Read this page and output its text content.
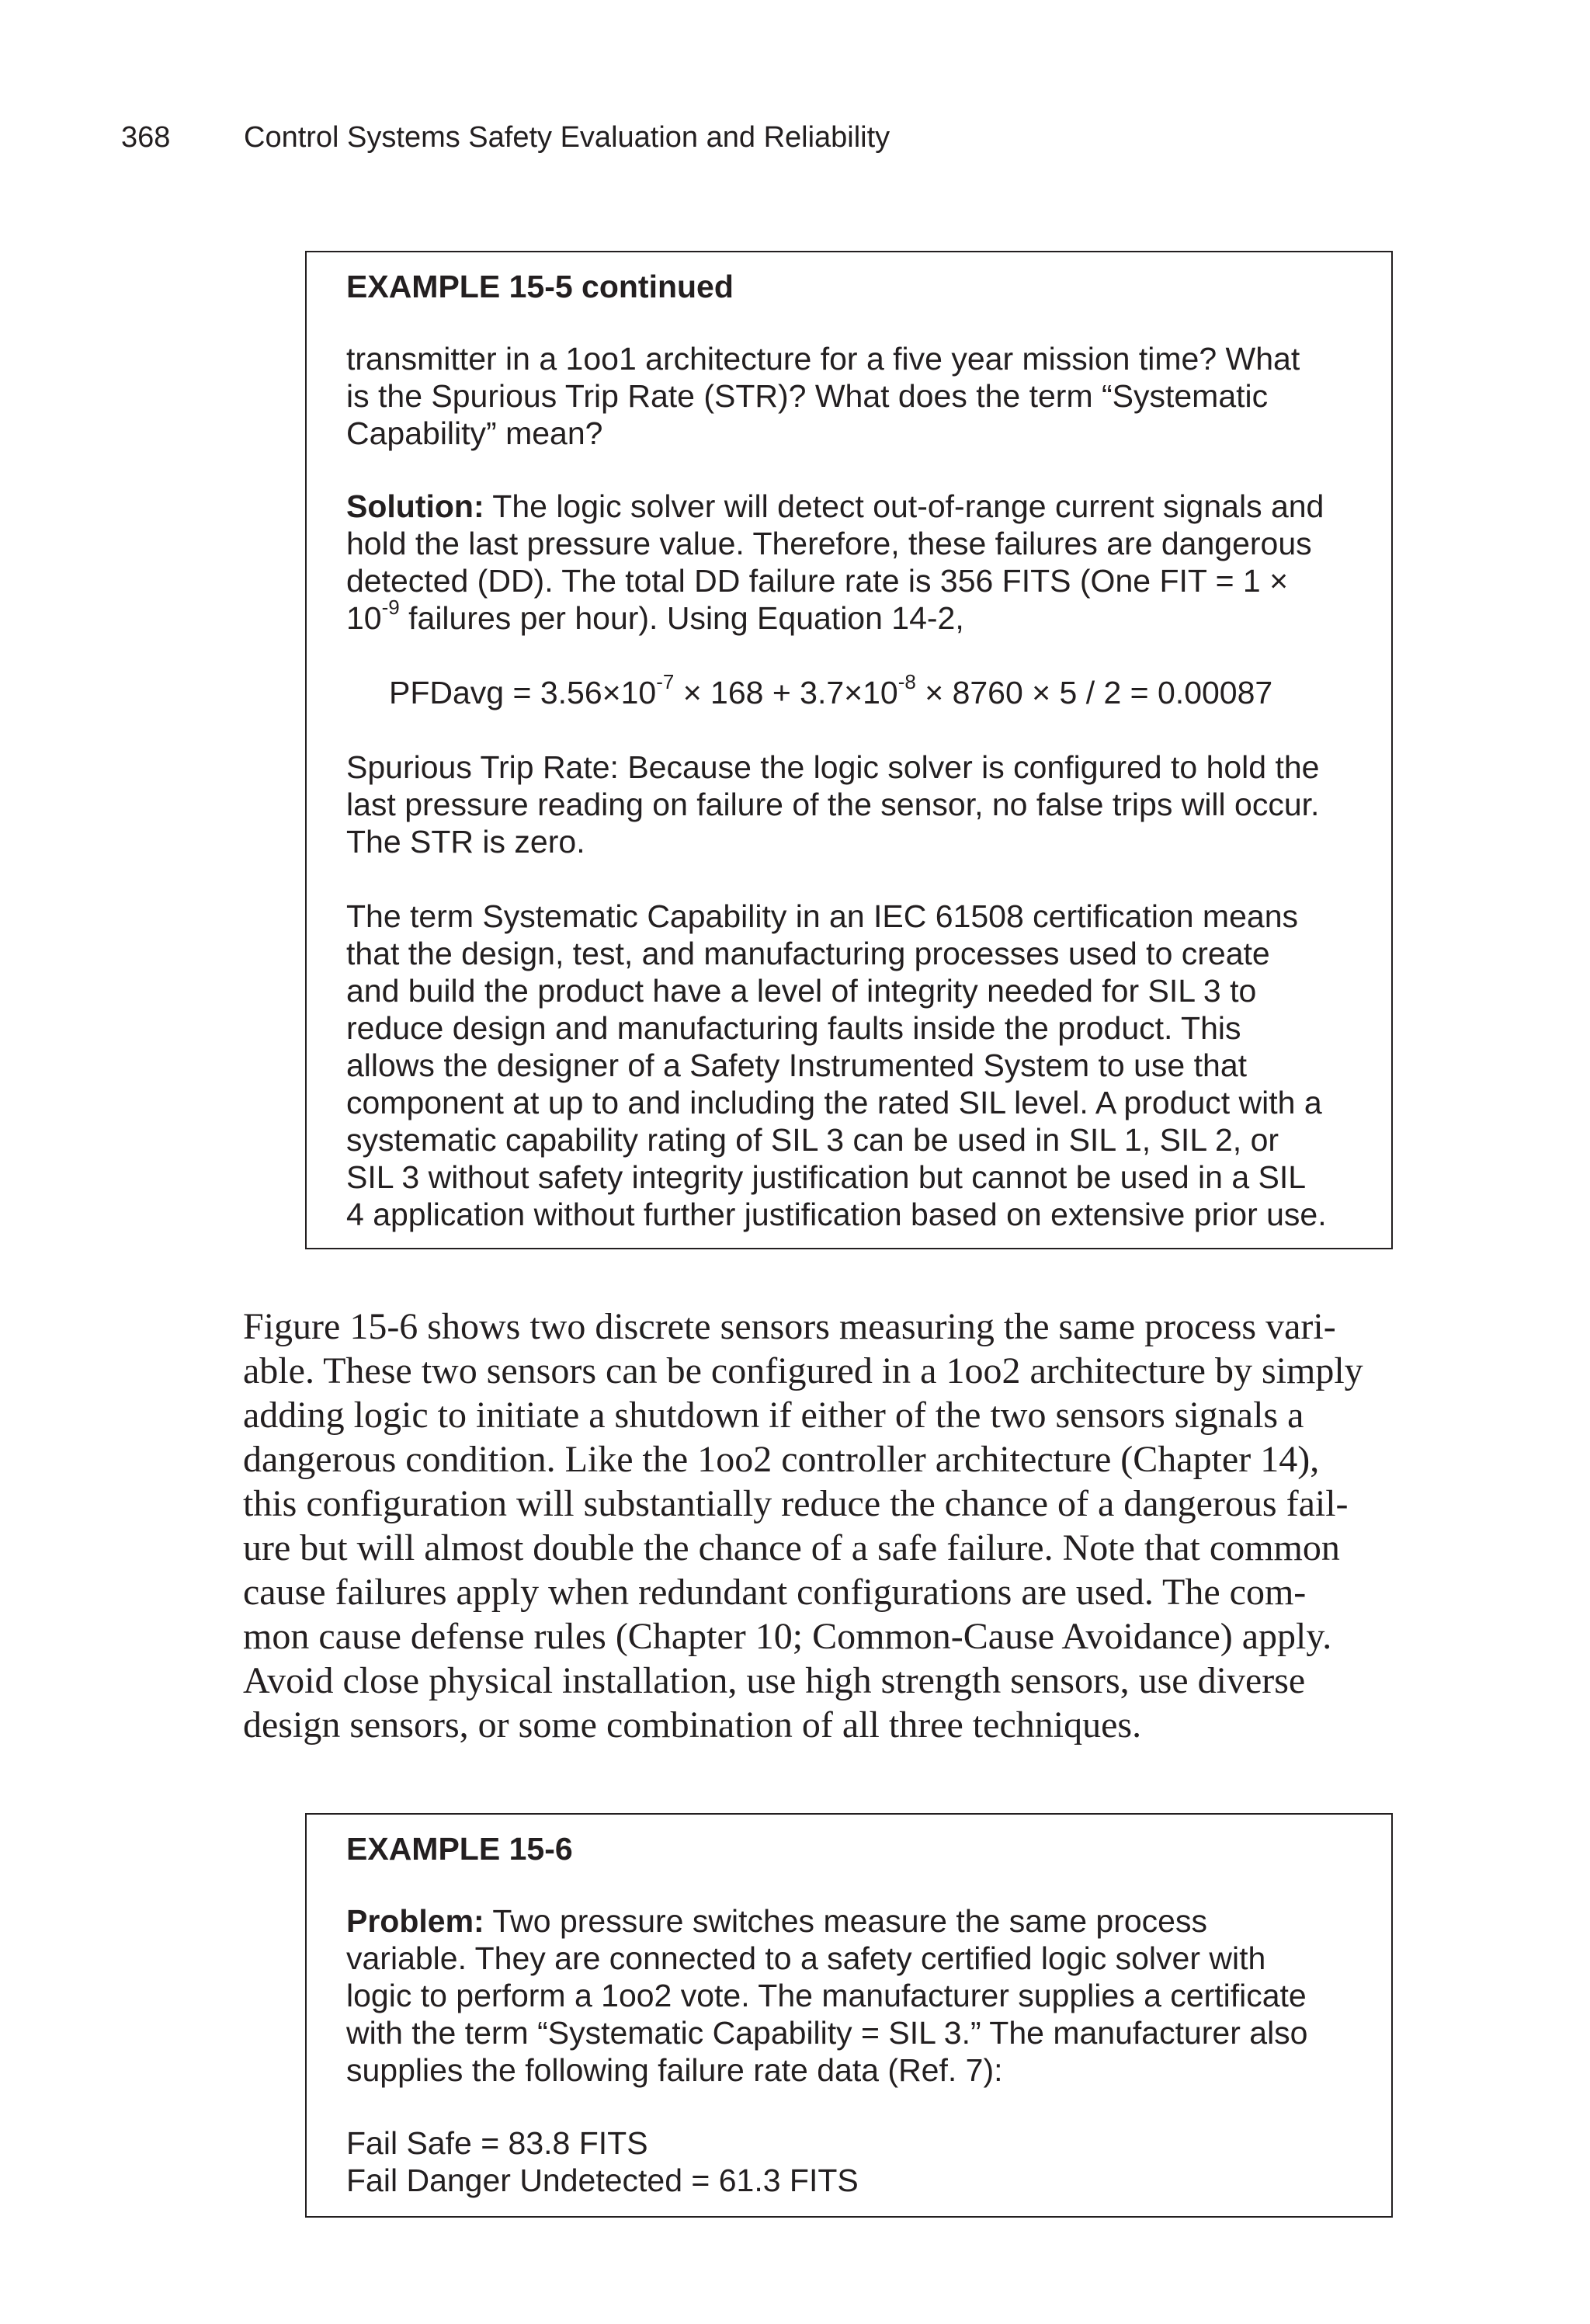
368 Control Systems Safety Evaluation and Reliability
EXAMPLE 15-5 continued
transmitter in a 1oo1 architecture for a five year mission time? What
is the Spurious Trip Rate (STR)? What does the term “Systematic
Capability” mean?
Solution: The logic solver will detect out-of-range current signals and
hold the last pressure value. Therefore, these failures are dangerous
detected (DD). The total DD failure rate is 356 FITS (One FIT = 1 ×
$10^{-9}$ failures per hour). Using Equation 14-2,
PFDavg = $3.56\times 10^{-7} \times 168 + 3.7\times 10^{-8} \times 8760 \times 5 / 2 = 0.00087$
Spurious Trip Rate: Because the logic solver is configured to hold the
last pressure reading on failure of the sensor, no false trips will occur.
The STR is zero.
The term Systematic Capability in an IEC 61508 certification means
that the design, test, and manufacturing processes used to create
and build the product have a level of integrity needed for SIL 3 to
reduce design and manufacturing faults inside the product. This
allows the designer of a Safety Instrumented System to use that
component at up to and including the rated SIL level. A product with a
systematic capability rating of SIL 3 can be used in SIL 1, SIL 2, or
SIL 3 without safety integrity justification but cannot be used in a SIL
4 application without further justification based on extensive prior use.
Figure 15-6 shows two discrete sensors measuring the same process vari-
able. These two sensors can be configured in a 1oo2 architecture by simply
adding logic to initiate a shutdown if either of the two sensors signals a
dangerous condition. Like the 1oo2 controller architecture (Chapter 14),
this configuration will substantially reduce the chance of a dangerous fail-
ure but will almost double the chance of a safe failure. Note that common
cause failures apply when redundant configurations are used. The com-
mon cause defense rules (Chapter 10; Common-Cause Avoidance) apply.
Avoid close physical installation, use high strength sensors, use diverse
design sensors, or some combination of all three techniques.
EXAMPLE 15-6
Problem: Two pressure switches measure the same process
variable. They are connected to a safety certified logic solver with
logic to perform a 1oo2 vote. The manufacturer supplies a certificate
with the term “Systematic Capability = SIL 3.” The manufacturer also
supplies the following failure rate data (Ref. 7):
Fail Safe = 83.8 FITS
Fail Danger Undetected = 61.3 FITS
